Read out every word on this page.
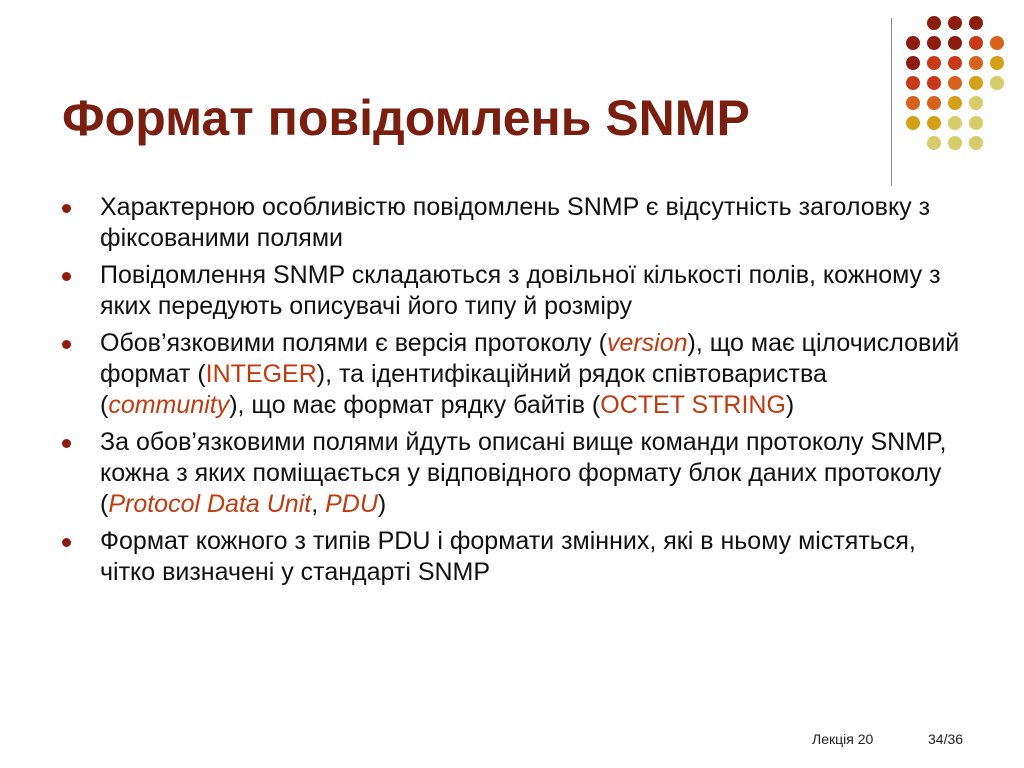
Формат повідомлень SNMP
Характерною особливістю повідомлень SNMP є відсутність заголовку з фіксованими полями
Повідомлення SNMP складаються з довільної кількості полів, кожному з яких передують описувачі його типу й розміру
Обов’язковими полями є версія протоколу (version), що має цілочисловий формат (INTEGER), та ідентифікаційний рядок співтовариства (community), що має формат рядку байтів (OCTET STRING)
За обов’язковими полями йдуть описані вище команди протоколу SNMP, кожна з яких поміщається у відповідного формату блок даних протоколу (Protocol Data Unit, PDU)
Формат кожного з типів PDU і формати змінних, які в ньому містяться, чітко визначені у стандарті SNMP
Лекція 20	34/36
